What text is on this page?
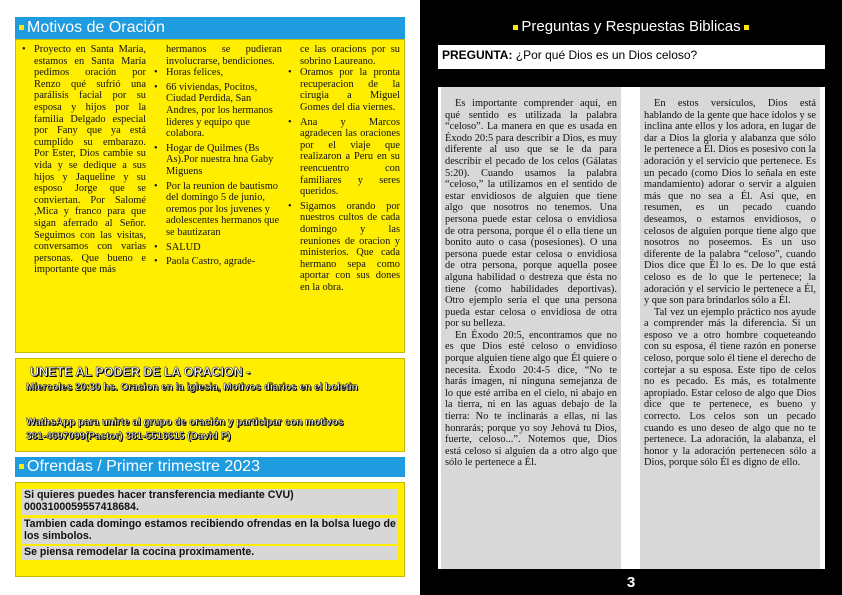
Motivos de Oración
• Proyecto en Santa María, estamos en Santa María pedimos oración por Renzo qué sufrió una parálisis facial por su esposa y hijos por la familia Delgado especial por Fany que ya está cumplido su embarazo. Por Ester, Dios cambie su vida y se dedique a sus hijos y Jaqueline y su esposo Jorge que se conviertan. Por Salomé ,Mica y franco para que sigan aferrado al Señor. Seguimos con las visitas, conversamos con varias personas. Que bueno e importante que más

hermanos se pudieran involucrarse, bendiciones.

• Horas felices,
• 66 viviendas, Pocitos, Ciudad Perdida, San Andres, por los hermanos lideres y equipo que colabora.
• Hogar de Quilmes (Bs As).Por nuestra hna Gaby Miguens
• Por la reunion de bautismo del domingo 5 de junio, oremos por los juvenes y adolescentes hermanos que se bautizaran
• SALUD
• Paola Castro, agrade-

ce las oracions por su sobrino Laureano.

• Oramos por la pronta recuperacion de la cirugia a Miguel Gomes del dia viernes.
• Ana y Marcos agradecen las oraciones por el viaje que realizaron a Peru en su reencuentro con familiares y seres queridos.
• Sigamos orando por nuestros cultos de cada domingo y las reuniones de oracion y ministerios. Que cada hermano sepa como aportar con sus dones en la obra.
UNETE AL PODER DE LA ORACION -
Miercoles 20:30 hs. Oracion en la iglesia, Motivos diarios en el boletin
WathsApp para unirte al grupo de oración y participar con motivos
381-4697099(Pastor) 381-5516615 (David P)
Ofrendas / Primer trimestre 2023
Si quieres puedes hacer transferencia mediante CVU) 0003100059557418684.
Tambien cada domingo estamos recibiendo ofrendas en la bolsa luego de los simbolos.
Se piensa remodelar la cocina proximamente.
Preguntas y Respuestas Biblicas
PREGUNTA: ¿Por qué Dios es un Dios celoso?

Es importante comprender aquí, en qué sentido es utilizada la palabra “celoso”. La manera en que es usada en Éxodo 20:5 para describir a Dios, es muy diferente al uso que se le da para describir el pecado de los celos (Gálatas 5:20). Cuando usamos la palabra “celoso,” la utilizamos en el sentido de estar envidiosos de alguien que tiene algo que nosotros no tenemos. Una persona puede estar celosa o envidiosa de otra persona, porque él o ella tiene un bonito auto o casa (posesiones). O una persona puede estar celosa o envidiosa de otra persona, porque aquella posee alguna habilidad o destreza que ésta no tiene (como habilidades deportivas). Otro ejemplo sería el que una persona pueda estar celosa o envidiosa de otra por su belleza.

En Éxodo 20:5, encontramos que no es que Dios esté celoso o envidioso porque alguien tiene algo que Él quiere o necesita. Éxodo 20:4-5 dice, “No te harás imagen, ni ninguna semejanza de lo que esté arriba en el cielo, ni abajo en la tierra, ni en las aguas debajo de la tierra: No te inclinarás a ellas, ni las honrarás; porque yo soy Jehová tu Dios, fuerte, celoso...”. Notemos que, Dios está celoso si alguien da a otro algo que sólo le pertenece a Él.

En estos versículos, Dios está hablando de la gente que hace ídolos y se inclina ante ellos y los adora, en lugar de dar a Dios la gloria y alabanza que sólo le pertenece a Él. Dios es posesivo con la adoración y el servicio que pertenece. Es un pecado (como Dios lo señala en este mandamiento) adorar o servir a alguien más que no sea a Él. Así que, en resumen, es un pecado cuando deseamos, o estamos envidiosos, o celosos de alguien porque tiene algo que nosotros no poseemos. Es un uso diferente de la palabra “celoso”, cuando Dios dice que Él lo es. De lo que está celoso es de lo que le pertenece; la adoración y el servicio le pertenece a Él, y que son para brindarlos sólo a Él.

Tal vez un ejemplo práctico nos ayude a comprender más la diferencia. Si un esposo ve a otro hombre coqueteando con su esposa, él tiene razón en ponerse celoso, porque solo él tiene el derecho de cortejar a su esposa. Este tipo de celos no es pecado. Es más, es totalmente apropiado. Estar celoso de algo que Dios dice que te pertenece, es bueno y correcto. Los celos son un pecado cuando es uno deseo de algo que no te pertenece. La adoración, la alabanza, el honor y la adoración pertenecen sólo a Dios, porque sólo Él es digno de ello.

3
